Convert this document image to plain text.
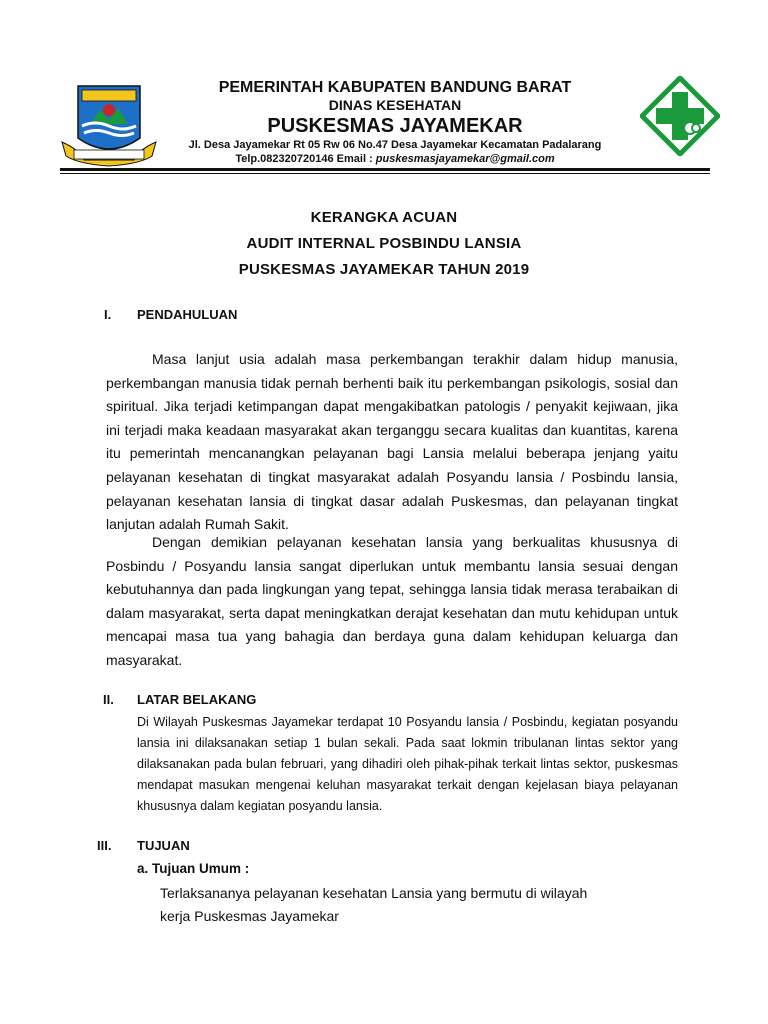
PEMERINTAH KABUPATEN BANDUNG BARAT
DINAS KESEHATAN
PUSKESMAS JAYAMEKAR
Jl. Desa Jayamekar Rt 05 Rw 06 No.47 Desa Jayamekar Kecamatan Padalarang
Telp.082320720146 Email : puskesmasjayamekar@gmail.com
KERANGKA ACUAN
AUDIT INTERNAL POSBINDU LANSIA
PUSKESMAS JAYAMEKAR TAHUN 2019
I. PENDAHULUAN
Masa lanjut usia adalah masa perkembangan terakhir dalam hidup manusia, perkembangan manusia tidak pernah berhenti baik itu perkembangan psikologis, sosial dan spiritual. Jika terjadi ketimpangan dapat mengakibatkan patologis / penyakit kejiwaan, jika ini terjadi maka keadaan masyarakat akan terganggu secara kualitas dan kuantitas, karena itu pemerintah mencanangkan pelayanan bagi Lansia melalui beberapa jenjang yaitu pelayanan kesehatan di tingkat masyarakat adalah Posyandu lansia / Posbindu lansia, pelayanan kesehatan lansia di tingkat dasar adalah Puskesmas, dan pelayanan tingkat lanjutan adalah Rumah Sakit.
Dengan demikian pelayanan kesehatan lansia yang berkualitas khususnya di Posbindu / Posyandu lansia sangat diperlukan untuk membantu lansia sesuai dengan kebutuhannya dan pada lingkungan yang tepat, sehingga lansia tidak merasa terabaikan di dalam masyarakat, serta dapat meningkatkan derajat kesehatan dan mutu kehidupan untuk mencapai masa tua yang bahagia dan berdaya guna dalam kehidupan keluarga dan masyarakat.
II. LATAR BELAKANG
Di Wilayah Puskesmas Jayamekar terdapat 10 Posyandu lansia / Posbindu, kegiatan posyandu lansia ini dilaksanakan setiap 1 bulan sekali. Pada saat lokmin tribulanan lintas sektor yang dilaksanakan pada bulan februari, yang dihadiri oleh pihak-pihak terkait lintas sektor, puskesmas mendapat masukan mengenai keluhan masyarakat terkait dengan kejelasan biaya pelayanan khususnya dalam kegiatan posyandu lansia.
III. TUJUAN
a. Tujuan Umum :
Terlaksananya pelayanan kesehatan Lansia yang bermutu di wilayah
kerja Puskesmas Jayamekar
